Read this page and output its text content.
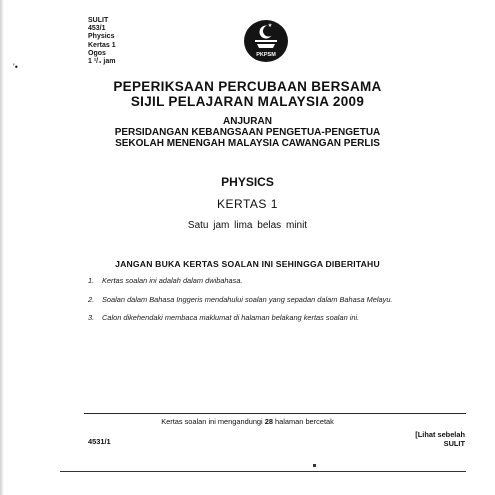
SULIT
453/1
Physics
Kertas 1
Ogos
1 ¹/₄ jam
'•
PKPSM
PEPERIKSAAN PERCUBAAN BERSAMA
SIJIL PELAJARAN MALAYSIA 2009
ANJURAN
PERSIDANGAN KEBANGSAAN PENGETUA-PENGETUA
SEKOLAH MENENGAH MALAYSIA CAWANGAN PERLIS
PHYSICS
KERTAS 1
Satu jam lima belas minit
JANGAN BUKA KERTAS SOALAN INI SEHINGGA DIBERITAHU
1. Kertas soalan ini adalah dalam dwibahasa.
2. Soalan dalam Bahasa Inggeris mendahului soalan yang sepadan dalam Bahasa Melayu.
3. Calon dikehendaki membaca maklumat di halaman belakang kertas soalan ini.
Kertas soalan ini mengandungi 28 halaman bercetak
4531/1
[Lihat sebelah
SULIT
